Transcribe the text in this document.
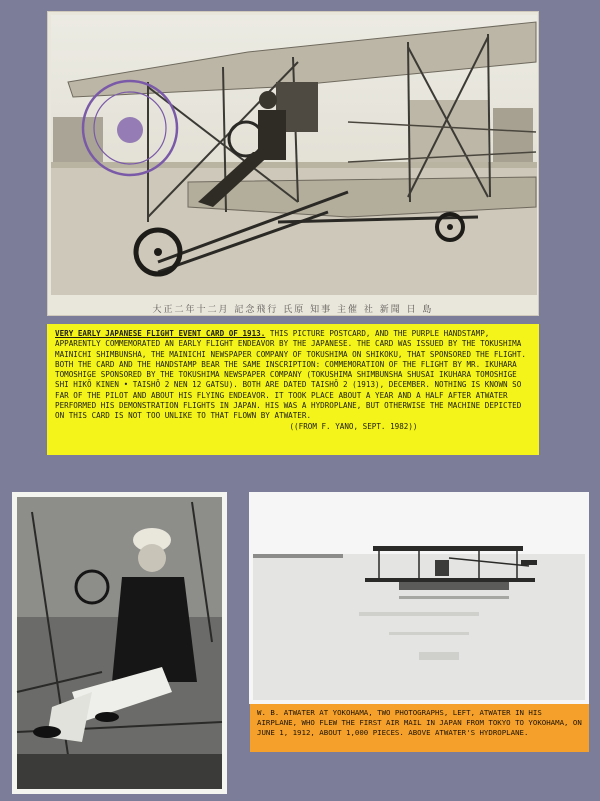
大正二年十二月 記念飛行 氏原 知事 主催 社 新聞 日 島
VERY EARLY JAPANESE FLIGHT EVENT CARD OF 1913. THIS PICTURE POSTCARD, AND THE PURPLE HANDSTAMP, APPARENTLY COMMEMORATED AN EARLY FLIGHT ENDEAVOR BY THE JAPANESE. THE CARD WAS ISSUED BY THE TOKUSHIMA MAINICHI SHIMBUNSHA, THE MAINICHI NEWSPAPER COMPANY OF TOKUSHIMA ON SHIKOKU, THAT SPONSORED THE FLIGHT. BOTH THE CARD AND THE HANDSTAMP BEAR THE SAME INSCRIPTION: COMMEMORATION OF THE FLIGHT BY MR. IKUHARA TOMOSHIGE SPONSORED BY THE TOKUSHIMA NEWSPAPER COMPANY (TOKUSHIMA SHIMBUNSHA SHUSAI IKUHARA TOMOSHIGE SHI HIKŌ KINEN • TAISHŌ 2 NEN 12 GATSU). BOTH ARE DATED TAISHŌ 2 (1913), DECEMBER. NOTHING IS KNOWN SO FAR OF THE PILOT AND ABOUT HIS FLYING ENDEAVOR. IT TOOK PLACE ABOUT A YEAR AND A HALF AFTER ATWATER PERFORMED HIS DEMONSTRATION FLIGHTS IN JAPAN. HIS WAS A HYDROPLANE, BUT OTHERWISE THE MACHINE DEPICTED ON THIS CARD IS NOT TOO UNLIKE TO THAT FLOWN BY ATWATER.
((FROM F. YANO, SEPT. 1982))
W. B. ATWATER AT YOKOHAMA, TWO PHOTOGRAPHS, LEFT, ATWATER IN HIS AIRPLANE, WHO FLEW THE FIRST AIR MAIL IN JAPAN FROM TOKYO TO YOKOHAMA, ON JUNE 1, 1912, ABOUT 1,000 PIECES. ABOVE ATWATER'S HYDROPLANE.
